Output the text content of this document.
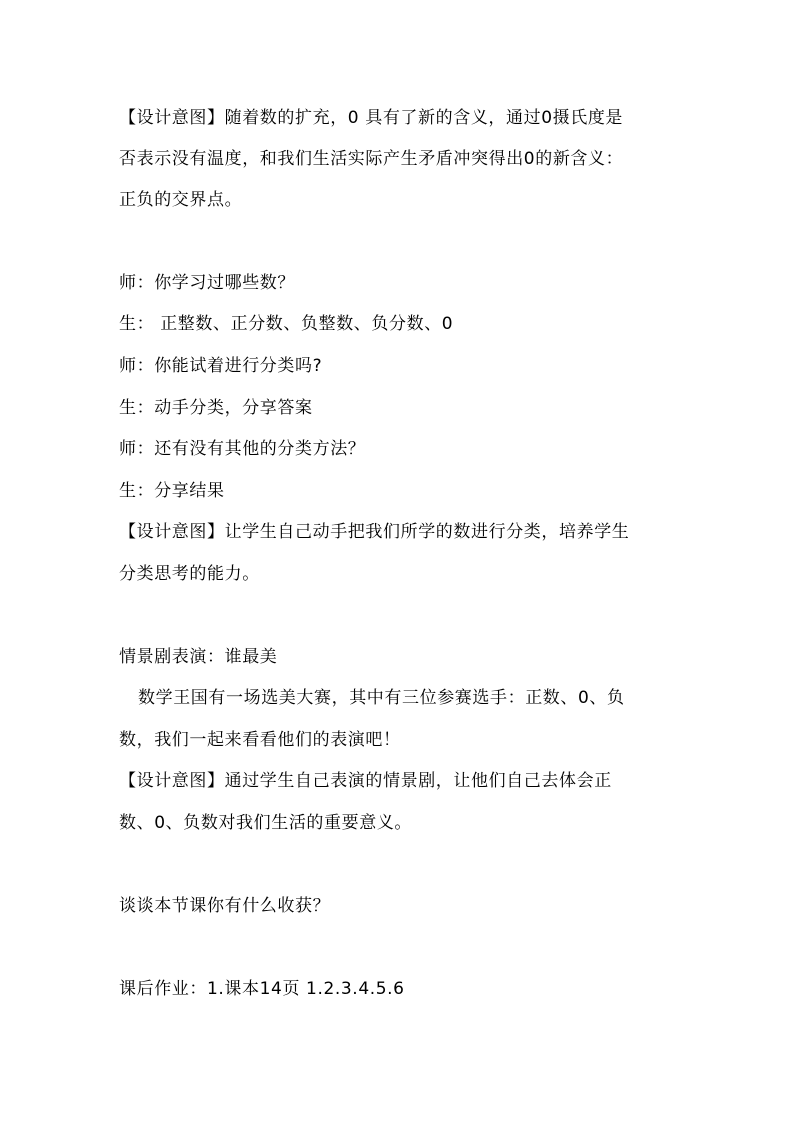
【设计意图】随着数的扩充，0 具有了新的含义，通过0摄氏度是
否表示没有温度，和我们生活实际产生矛盾冲突得出0的新含义：
正负的交界点。
师：你学习过哪些数？
生： 正整数、正分数、负整数、负分数、0
师：你能试着进行分类吗?
生：动手分类，分享答案
师：还有没有其他的分类方法？
生：分享结果
【设计意图】让学生自己动手把我们所学的数进行分类，培养学生
分类思考的能力。
情景剧表演：谁最美
数学王国有一场选美大赛，其中有三位参赛选手：正数、0、负
数，我们一起来看看他们的表演吧！
【设计意图】通过学生自己表演的情景剧，让他们自己去体会正
数、0、负数对我们生活的重要意义。
谈谈本节课你有什么收获？
课后作业：1.课本14页 1.2.3.4.5.6
